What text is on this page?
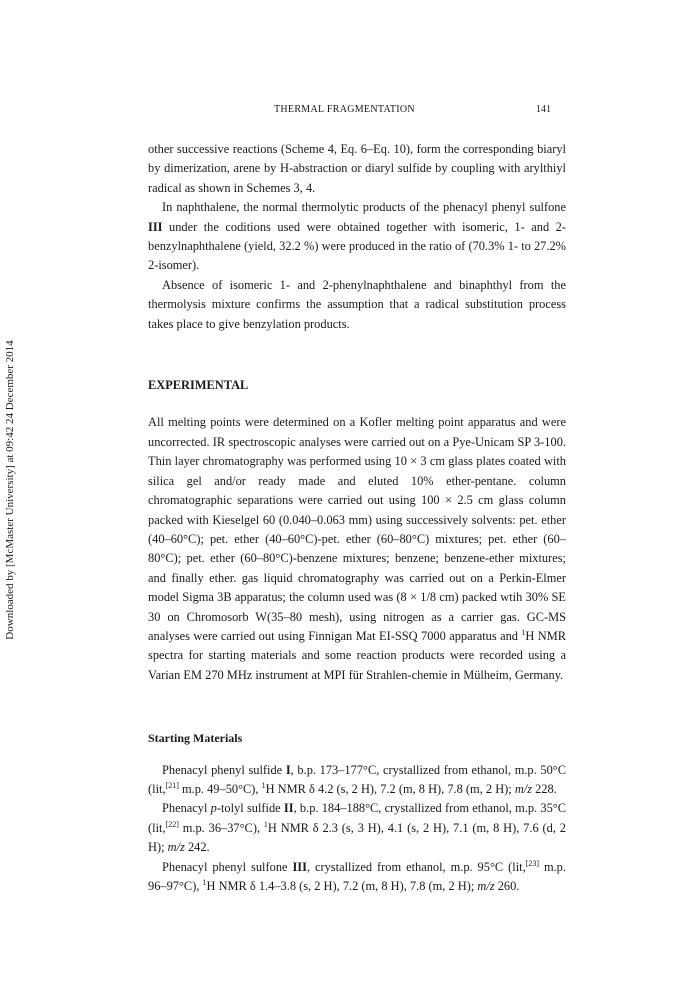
THERMAL FRAGMENTATION	141
Downloaded by [McMaster University] at 09:42 24 December 2014

other successive reactions (Scheme 4, Eq. 6–Eq. 10), form the corresponding biaryl by dimerization, arene by H-abstraction or diaryl sulfide by coupling with arylthiyl radical as shown in Schemes 3, 4.

In naphthalene, the normal thermolytic products of the phenacyl phenyl sulfone III under the coditions used were obtained together with isomeric, 1- and 2-benzylnaphthalene (yield, 32.2 %) were produced in the ratio of (70.3% 1- to 27.2% 2-isomer).

Absence of isomeric 1- and 2-phenylnaphthalene and binaphthyl from the thermolysis mixture confirms the assumption that a radical substitution process takes place to give benzylation products.

EXPERIMENTAL

All melting points were determined on a Kofler melting point apparatus and were uncorrected. IR spectroscopic analyses were carried out on a Pye-Unicam SP 3-100. Thin layer chromatography was performed using 10 × 3 cm glass plates coated with silica gel and/or ready made and eluted 10% ether-pentane. column chromatographic separations were carried out using 100 × 2.5 cm glass column packed with Kieselgel 60 (0.040–0.063 mm) using successively solvents: pet. ether (40–60°C); pet. ether (40–60°C)-pet. ether (60–80°C) mixtures; pet. ether (60–80°C); pet. ether (60–80°C)-benzene mixtures; benzene; benzene-ether mixtures; and finally ether. gas liquid chromatography was carried out on a Perkin-Elmer model Sigma 3B apparatus; the column used was (8 × 1/8 cm) packed wtih 30% SE 30 on Chromosorb W(35–80 mesh), using nitrogen as a carrier gas. GC-MS analyses were carried out using Finnigan Mat EI-SSQ 7000 apparatus and $^1$H NMR spectra for starting materials and some reaction products were recorded using a Varian EM 270 MHz instrument at MPI für Strahlen-chemie in Mülheim, Germany.

Starting Materials

Phenacyl phenyl sulfide I, b.p. 173–177°C, crystallized from ethanol, m.p. 50°C (lit,[21] m.p. 49–50°C), $^1$H NMR δ 4.2 (s, 2 H), 7.2 (m, 8 H), 7.8 (m, 2 H); m/z 228.

Phenacyl p-tolyl sulfide II, b.p. 184–188°C, crystallized from ethanol, m.p. 35°C (lit,[22] m.p. 36–37°C), $^1$H NMR δ 2.3 (s, 3 H), 4.1 (s, 2 H), 7.1 (m, 8 H), 7.6 (d, 2 H); m/z 242.

Phenacyl phenyl sulfone III, crystallized from ethanol, m.p. 95°C (lit,[23] m.p. 96–97°C), $^1$H NMR δ 1.4–3.8 (s, 2 H), 7.2 (m, 8 H), 7.8 (m, 2 H); m/z 260.
